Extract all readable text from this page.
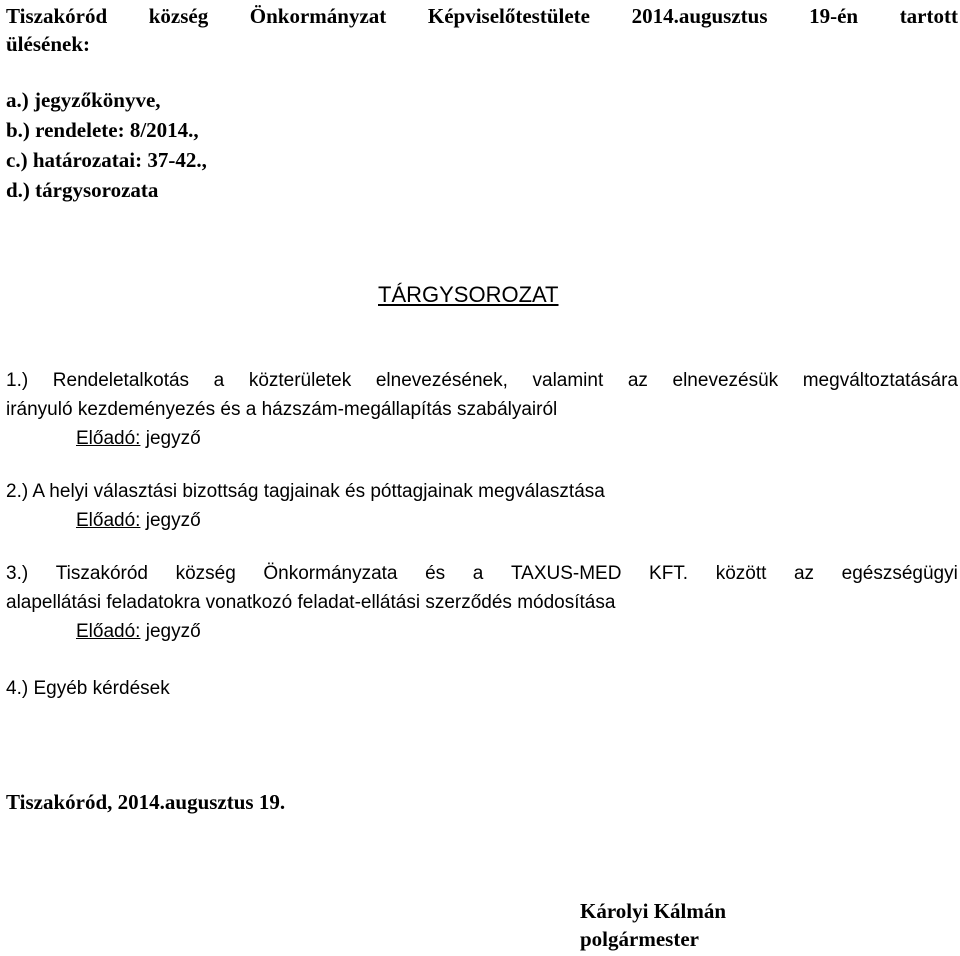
Tiszakóród község Önkormányzat Képviselőtestülete 2014.augusztus 19-én tartott
ülésének:
a.) jegyzőkönyve,
b.) rendelete: 8/2014.,
c.) határozatai: 37-42.,
d.) tárgysorozata
TÁRGYSOROZAT
1.) Rendeletalkotás a közterületek elnevezésének, valamint az elnevezésük megváltoztatására
irányuló kezdeményezés és a házszám-megállapítás szabályairól
Előadó: jegyző
2.) A helyi választási bizottság tagjainak és póttagjainak megválasztása
Előadó: jegyző
3.) Tiszakóród község Önkormányzata és a TAXUS-MED KFT. között az egészségügyi
alapellátási feladatokra vonatkozó feladat-ellátási szerződés módosítása
Előadó: jegyző
4.) Egyéb kérdések
Tiszakóród, 2014.augusztus 19.
Károlyi Kálmán
polgármester
